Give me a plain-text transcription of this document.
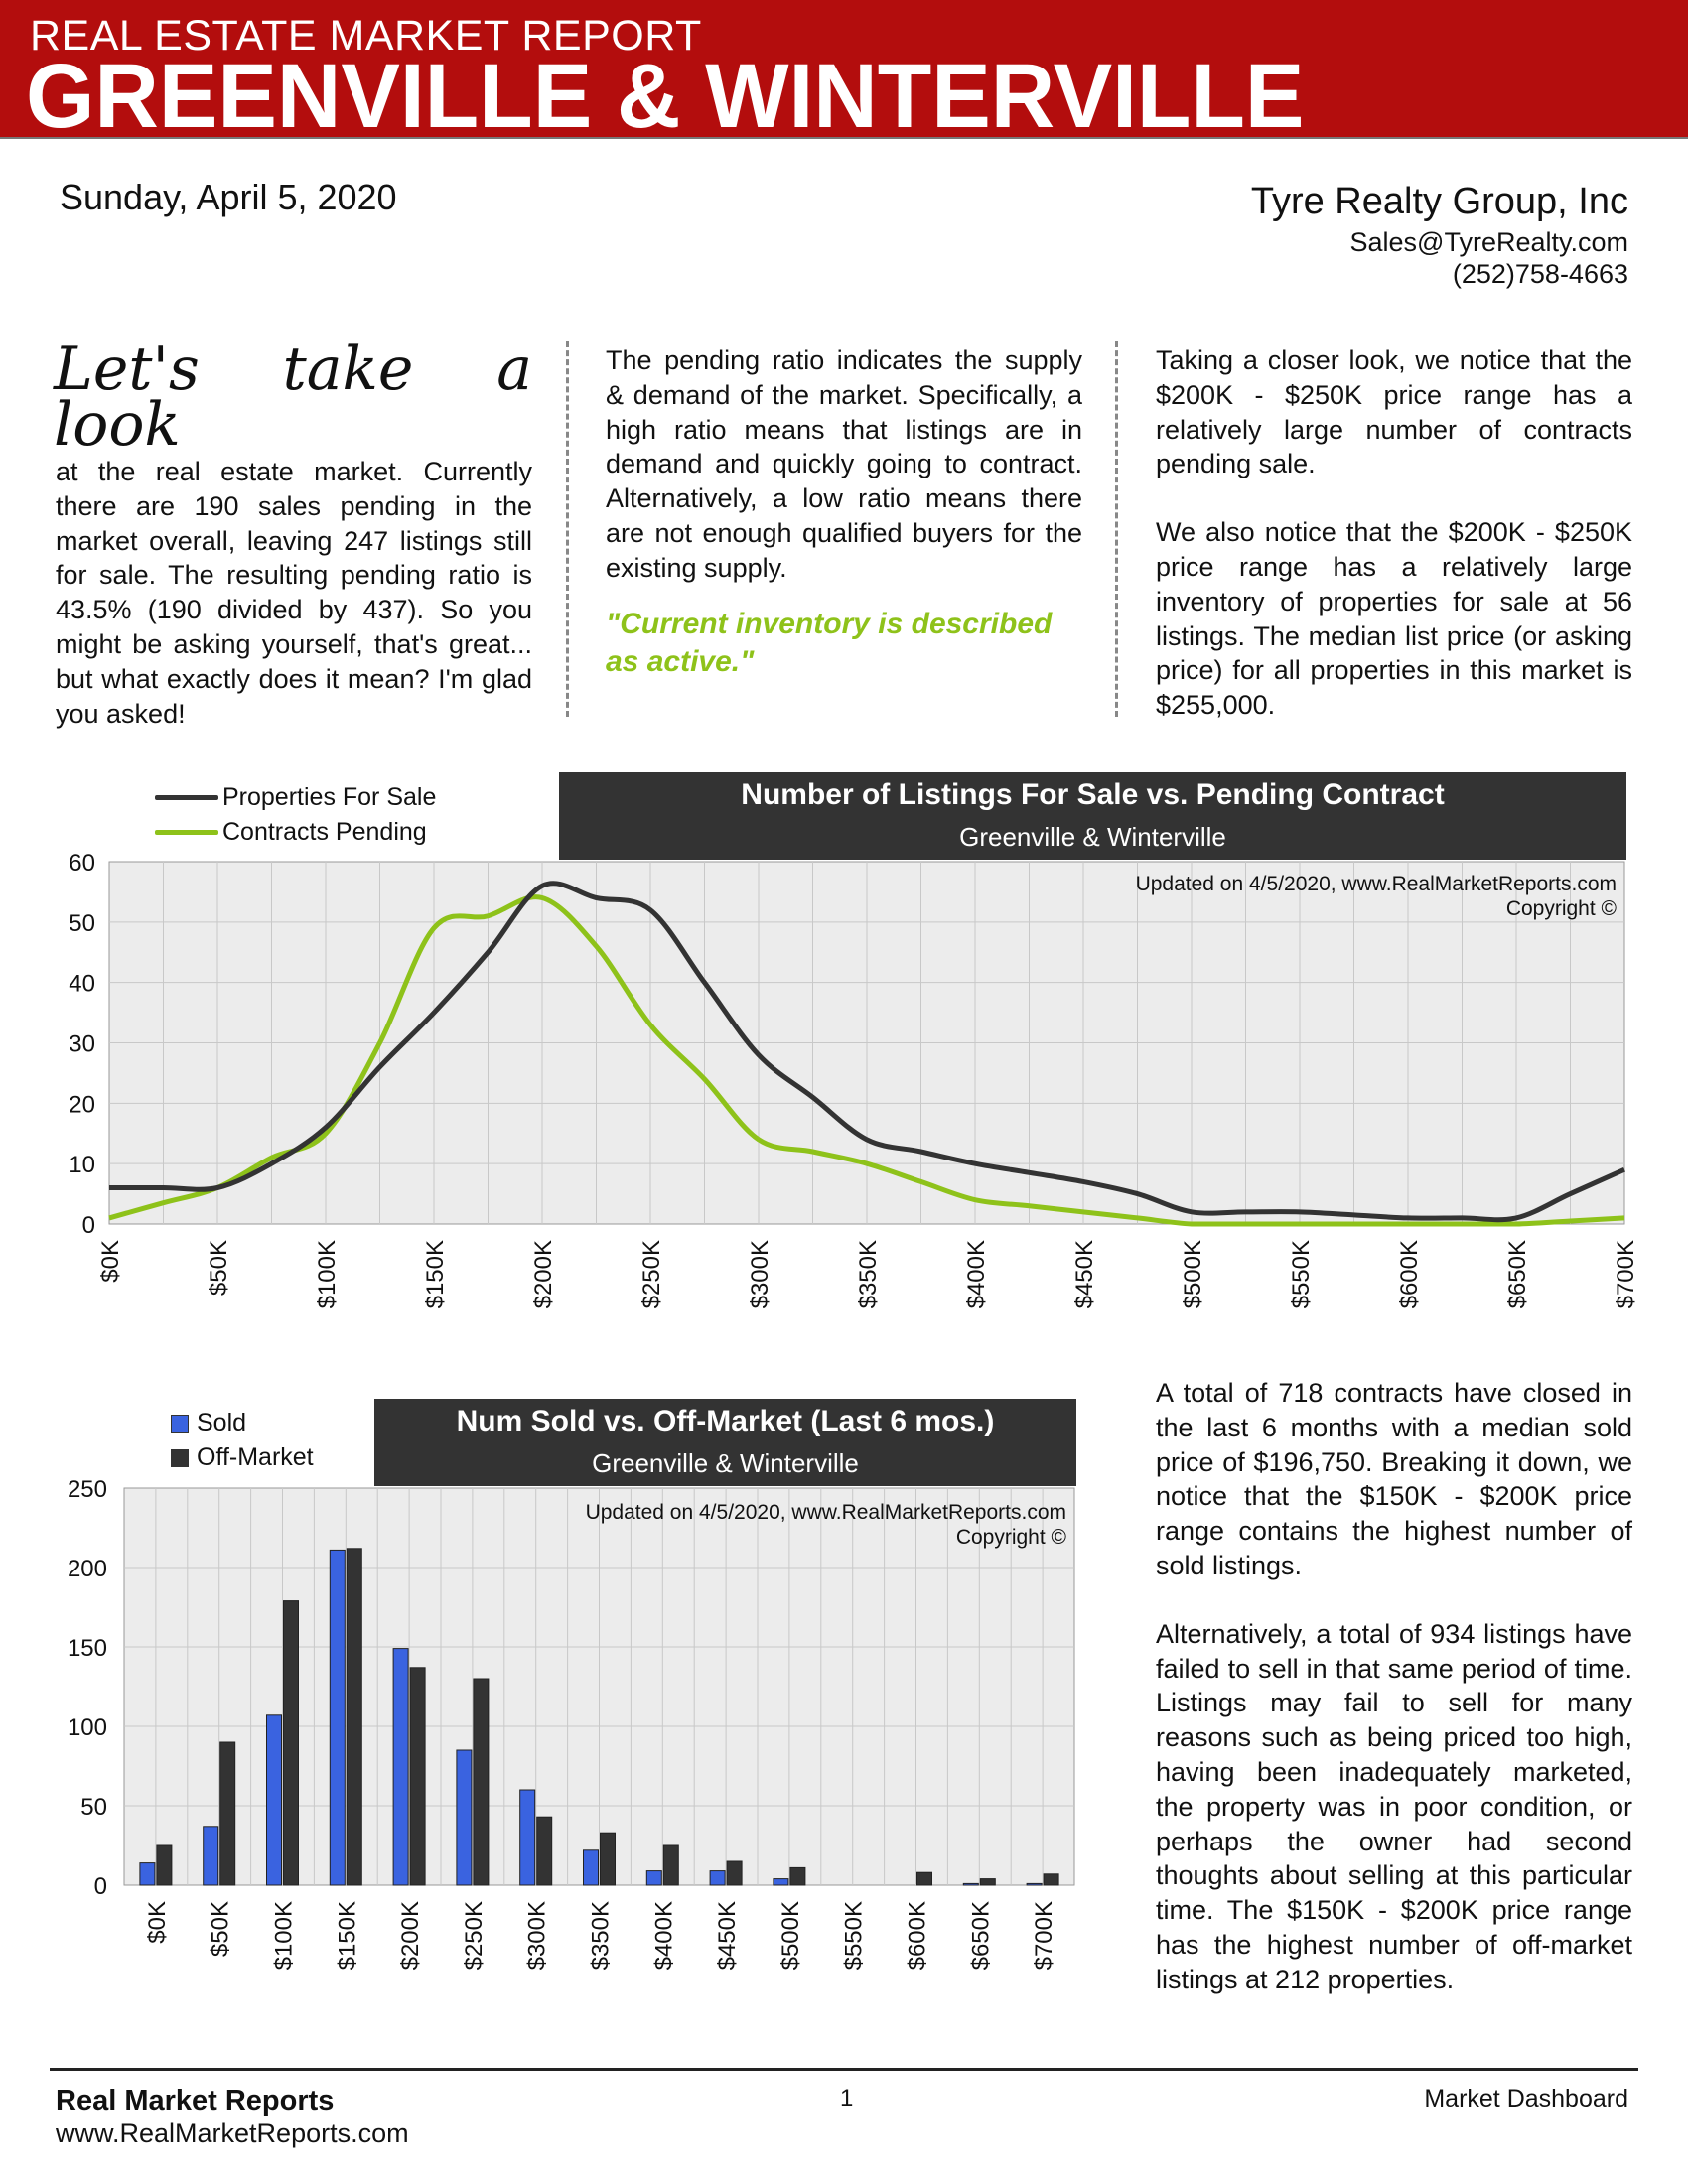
REAL ESTATE MARKET REPORT
GREENVILLE & WINTERVILLE
Sunday, April 5, 2020	Tyre Realty Group, Inc
Sales@TyreRealty.com
(252)758-4663
Let's take a look

at the real estate market. Currently there are 190 sales pending in the market overall, leaving 247 listings still for sale. The resulting pending ratio is 43.5% (190 divided by 437). So you might be asking yourself, that's great... but what exactly does it mean? I'm glad you asked!

The pending ratio indicates the supply & demand of the market. Specifically, a high ratio means that listings are in demand and quickly going to contract. Alternatively, a low ratio means there are not enough qualified buyers for the existing supply.

"Current inventory is described as active."

Taking a closer look, we notice that the $200K - $250K price range has a relatively large number of contracts pending sale.

We also notice that the $200K - $250K price range has a relatively large inventory of properties for sale at 56 listings. The median list price (or asking price) for all properties in this market is $255,000.

Properties For Sale
Contracts Pending
Number of Listings For Sale vs. Pending Contract
Greenville & Winterville
0
10
20
30
40
50
60
$0K	$50K	$100K	$150K	$200K	$250K	$300K	$350K	$400K	$450K	$500K	$550K	$600K	$650K	$700K
Updated on 4/5/2020, www.RealMarketReports.com
Copyright ©
Sold
Off-Market
Num Sold vs. Off-Market (Last 6 mos.)
Greenville & Winterville
0
50
100
150
200
250
$0K $50K $100K $150K $200K $250K $300K $350K $400K $450K $500K $550K $600K $650K $700K
Updated on 4/5/2020, www.RealMarketReports.com
Copyright ©

A total of 718 contracts have closed in the last 6 months with a median sold price of $196,750. Breaking it down, we notice that the $150K - $200K price range contains the highest number of sold listings.

Alternatively, a total of 934 listings have failed to sell in that same period of time. Listings may fail to sell for many reasons such as being priced too high, having been inadequately marketed, the property was in poor condition, or perhaps the owner had second thoughts about selling at this particular time. The $150K - $200K price range has the highest number of off-market listings at 212 properties.

Real Market Reports
www.RealMarketReports.com
1	Market Dashboard
